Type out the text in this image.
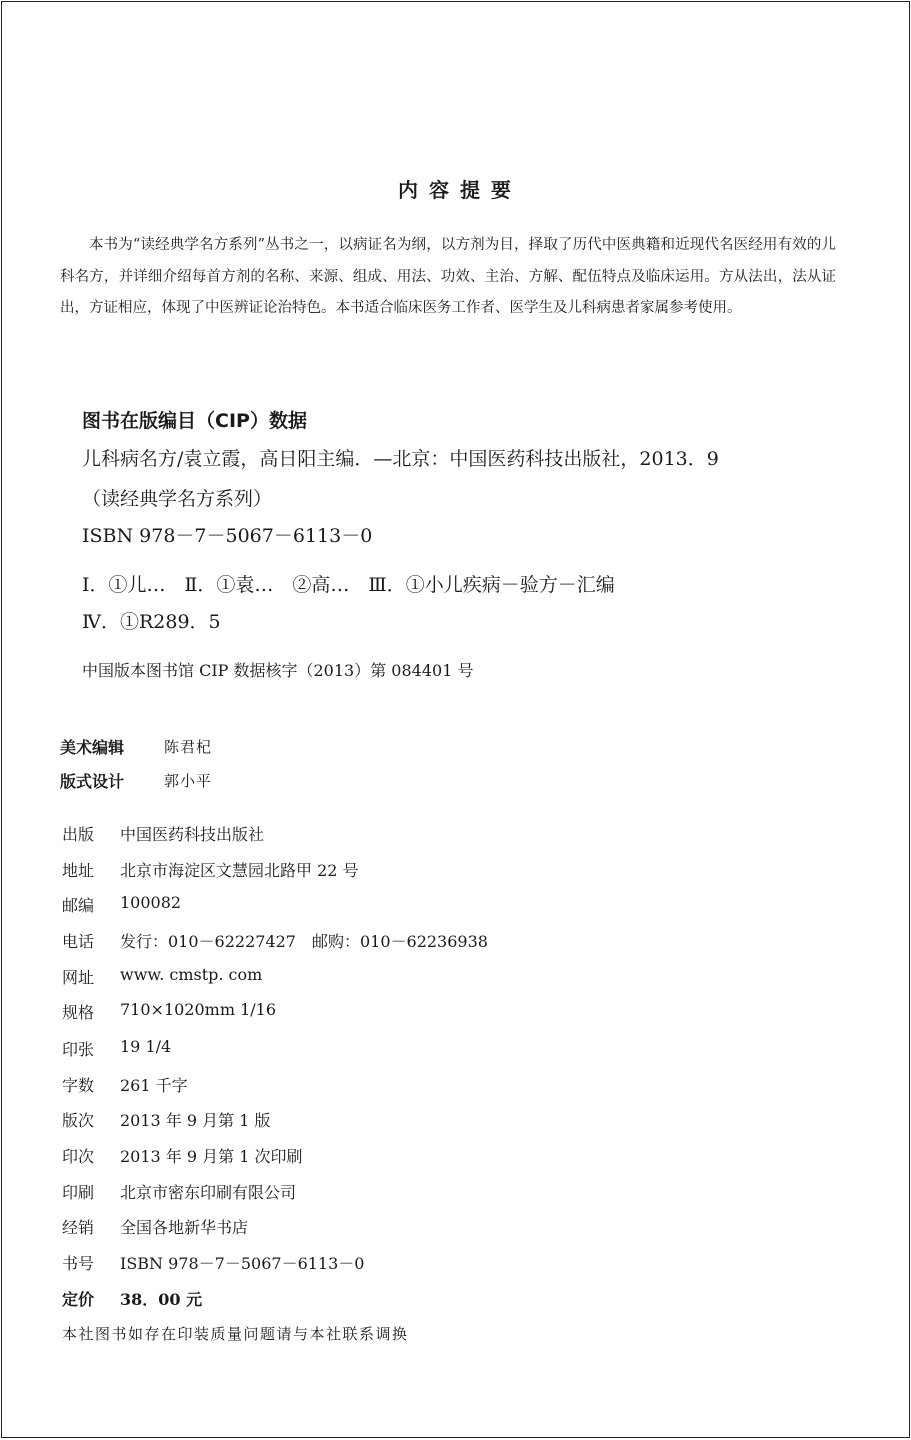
内 容 提 要

本书为“读经典学名方系列”丛书之一，以病证名为纲，以方剂为目，择取了历代中医典籍和近现代名医经用有效的儿科名方，并详细介绍每首方剂的名称、来源、组成、用法、功效、主治、方解、配伍特点及临床运用。方从法出，法从证出，方证相应，体现了中医辨证论治特色。本书适合临床医务工作者、医学生及儿科病患者家属参考使用。

图书在版编目（CIP）数据
儿科病名方/袁立霞，高日阳主编．—北京：中国医药科技出版社，2013．9
（读经典学名方系列）
ISBN 978－7－5067－6113－0
Ⅰ．①儿…　Ⅱ．①袁…　②高…　Ⅲ．①小儿疾病－验方－汇编
Ⅳ．①R289．5
中国版本图书馆 CIP 数据核字（2013）第 084401 号
美术编辑	陈君杞
版式设计	郭小平
出版 中国医药科技出版社
地址 北京市海淀区文慧园北路甲 22 号
邮编 100082
电话 发行：010－62227427　邮购：010－62236938
网址 www. cmstp. com
规格 710×1020mm 1/16
印张 19 1/4
字数 261 千字
版次 2013 年 9 月第 1 版
印次 2013 年 9 月第 1 次印刷
印刷 北京市密东印刷有限公司
经销 全国各地新华书店
书号 ISBN 978－7－5067－6113－0
定价 38．00 元
本社图书如存在印装质量问题请与本社联系调换
